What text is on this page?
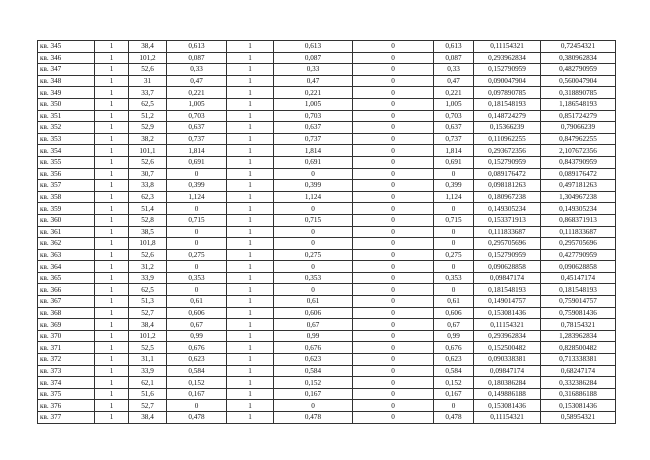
кв. 345	1	38,4	0,613	1	0,613	0	0,613	0,11154321	0,72454321
кв. 346	1	101,2	0,087	1	0,087	0	0,087	0,293962834	0,380962834
кв. 347	1	52,6	0,33	1	0,33	0	0,33	0,152790959	0,482790959
кв. 348	1	31	0,47	1	0,47	0	0,47	0,090047904	0,560047904
кв. 349	1	33,7	0,221	1	0,221	0	0,221	0,097890785	0,318890785
кв. 350	1	62,5	1,005	1	1,005	0	1,005	0,181548193	1,186548193
кв. 351	1	51,2	0,703	1	0,703	0	0,703	0,148724279	0,851724279
кв. 352	1	52,9	0,637	1	0,637	0	0,637	0,15366239	0,79066239
кв. 353	1	38,2	0,737	1	0,737	0	0,737	0,110962255	0,847962255
кв. 354	1	101,1	1,814	1	1,814	0	1,814	0,293672356	2,107672356
кв. 355	1	52,6	0,691	1	0,691	0	0,691	0,152790959	0,843790959
кв. 356	1	30,7	0	1	0	0	0	0,089176472	0,089176472
кв. 357	1	33,8	0,399	1	0,399	0	0,399	0,098181263	0,497181263
кв. 358	1	62,3	1,124	1	1,124	0	1,124	0,180967238	1,304967238
кв. 359	1	51,4	0	1	0	0	0	0,149305234	0,149305234
кв. 360	1	52,8	0,715	1	0,715	0	0,715	0,153371913	0,868371913
кв. 361	1	38,5	0	1	0	0	0	0,111833687	0,111833687
кв. 362	1	101,8	0	1	0	0	0	0,295705696	0,295705696
кв. 363	1	52,6	0,275	1	0,275	0	0,275	0,152790959	0,427790959
кв. 364	1	31,2	0	1	0	0	0	0,090628858	0,090628858
кв. 365	1	33,9	0,353	1	0,353	0	0,353	0,09847174	0,45147174
кв. 366	1	62,5	0	1	0	0	0	0,181548193	0,181548193
кв. 367	1	51,3	0,61	1	0,61	0	0,61	0,149014757	0,759014757
кв. 368	1	52,7	0,606	1	0,606	0	0,606	0,153081436	0,759081436
кв. 369	1	38,4	0,67	1	0,67	0	0,67	0,11154321	0,78154321
кв. 370	1	101,2	0,99	1	0,99	0	0,99	0,293962834	1,283962834
кв. 371	1	52,5	0,676	1	0,676	0	0,676	0,152500482	0,828500482
кв. 372	1	31,1	0,623	1	0,623	0	0,623	0,090338381	0,713338381
кв. 373	1	33,9	0,584	1	0,584	0	0,584	0,09847174	0,68247174
кв. 374	1	62,1	0,152	1	0,152	0	0,152	0,180386284	0,332386284
кв. 375	1	51,6	0,167	1	0,167	0	0,167	0,149886188	0,316886188
кв. 376	1	52,7	0	1	0	0	0	0,153081436	0,153081436
кв. 377	1	38,4	0,478	1	0,478	0	0,478	0,11154321	0,58954321
